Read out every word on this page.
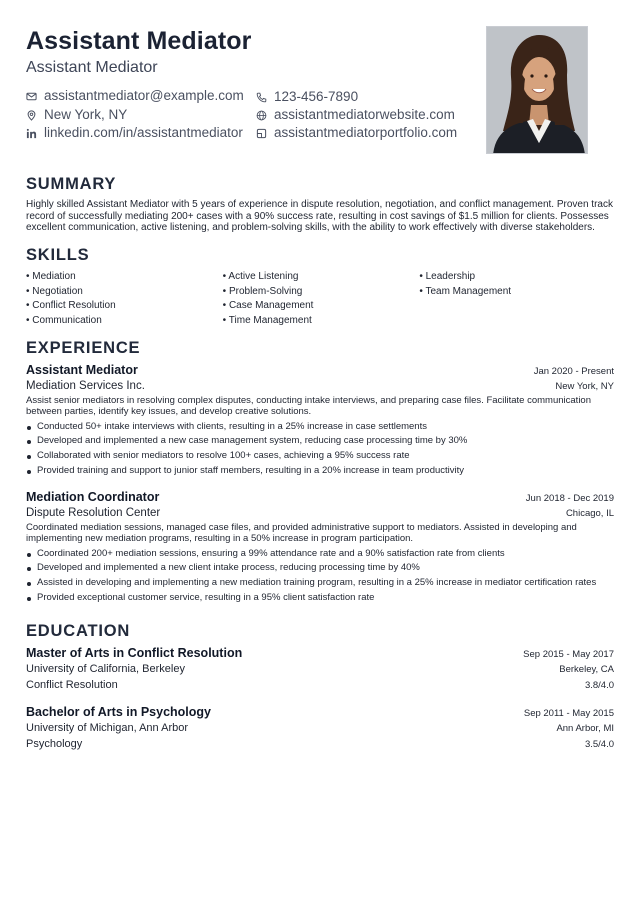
Assistant Mediator
Assistant Mediator
assistantmediator@example.com 123-456-7890
New York, NY	assistantmediatorwebsite.com
linkedin.com/in/assistantmediator assistantmediatorportfolio.com
SUMMARY
Highly skilled Assistant Mediator with 5 years of experience in dispute resolution, negotiation, and conflict management. Proven track record of successfully mediating 200+ cases with a 90% success rate, resulting in cost savings of $1.5 million for clients. Possesses excellent communication, active listening, and problem-solving skills, with the ability to work effectively with diverse stakeholders.
SKILLS
• Mediation
• Negotiation
• Conflict Resolution
• Communication
• Active Listening
• Problem-Solving
• Case Management
• Time Management
• Leadership
• Team Management
EXPERIENCE
Assistant Mediator	Jan 2020 - Present
Mediation Services Inc.	New York, NY
Assist senior mediators in resolving complex disputes, conducting intake interviews, and preparing case files. Facilitate communication between parties, identify key issues, and develop creative solutions.
Conducted 50+ intake interviews with clients, resulting in a 25% increase in case settlements
Developed and implemented a new case management system, reducing case processing time by 30%
Collaborated with senior mediators to resolve 100+ cases, achieving a 95% success rate
Provided training and support to junior staff members, resulting in a 20% increase in team productivity
Mediation Coordinator	Jun 2018 - Dec 2019
Dispute Resolution Center	Chicago, IL
Coordinated mediation sessions, managed case files, and provided administrative support to mediators. Assisted in developing and implementing new mediation programs, resulting in a 50% increase in program participation.
Coordinated 200+ mediation sessions, ensuring a 99% attendance rate and a 90% satisfaction rate from clients
Developed and implemented a new client intake process, reducing processing time by 40%
Assisted in developing and implementing a new mediation training program, resulting in a 25% increase in mediator certification rates
Provided exceptional customer service, resulting in a 95% client satisfaction rate
EDUCATION
Master of Arts in Conflict Resolution	Sep 2015 - May 2017
University of California, Berkeley	Berkeley, CA
Conflict Resolution	3.8/4.0
Bachelor of Arts in Psychology	Sep 2011 - May 2015
University of Michigan, Ann Arbor	Ann Arbor, MI
Psychology	3.5/4.0
